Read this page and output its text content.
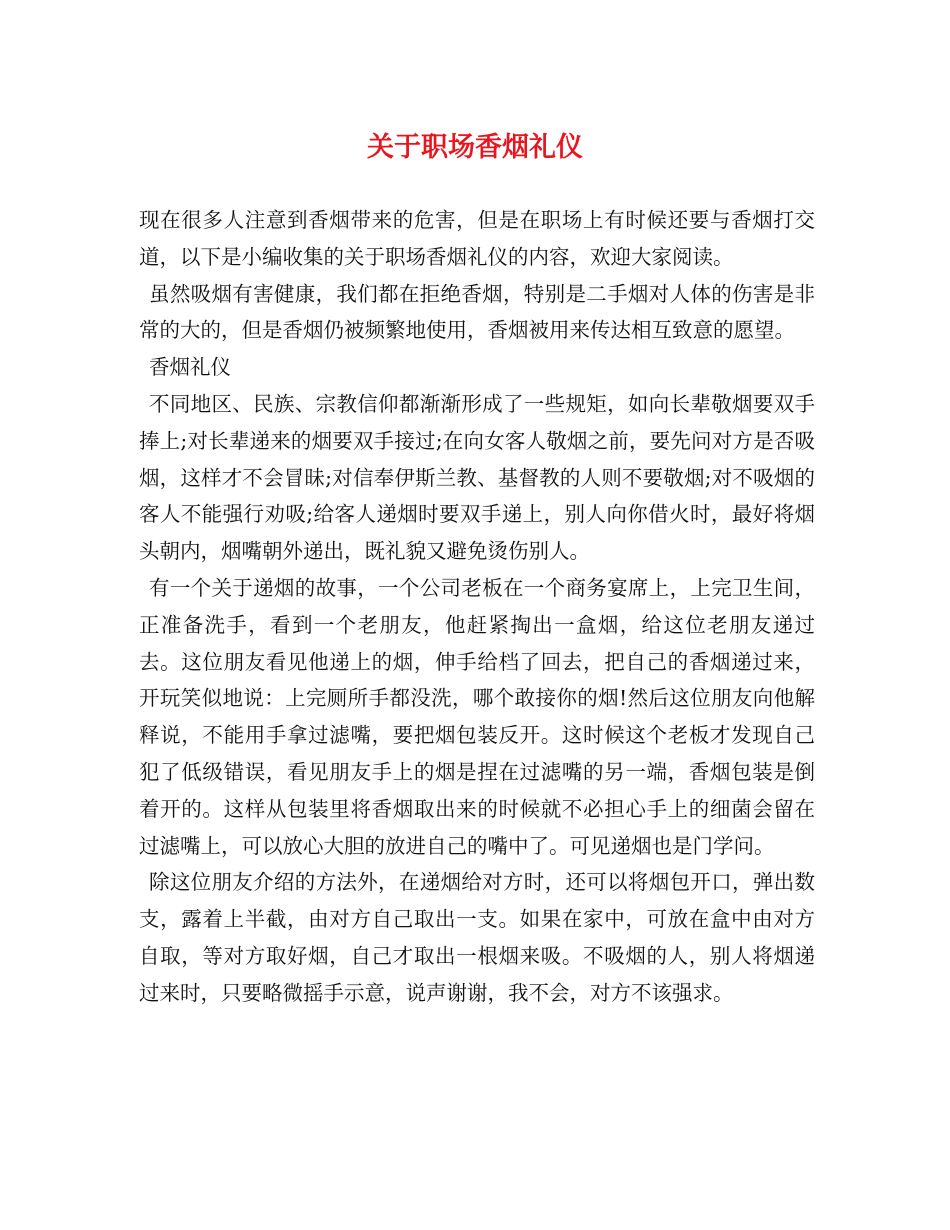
关于职场香烟礼仪

现在很多人注意到香烟带来的危害，但是在职场上有时候还要与香烟打交道，以下是小编收集的关于职场香烟礼仪的内容，欢迎大家阅读。

虽然吸烟有害健康，我们都在拒绝香烟，特别是二手烟对人体的伤害是非常的大的，但是香烟仍被频繁地使用，香烟被用来传达相互致意的愿望。

香烟礼仪

不同地区、民族、宗教信仰都渐渐形成了一些规矩，如向长辈敬烟要双手捧上;对长辈递来的烟要双手接过;在向女客人敬烟之前，要先问对方是否吸烟，这样才不会冒昧;对信奉伊斯兰教、基督教的人则不要敬烟;对不吸烟的客人不能强行劝吸;给客人递烟时要双手递上，别人向你借火时，最好将烟头朝内，烟嘴朝外递出，既礼貌又避免烫伤别人。

有一个关于递烟的故事，一个公司老板在一个商务宴席上，上完卫生间，正准备洗手，看到一个老朋友，他赶紧掏出一盒烟，给这位老朋友递过去。这位朋友看见他递上的烟，伸手给档了回去，把自己的香烟递过来，开玩笑似地说：上完厕所手都没洗，哪个敢接你的烟!然后这位朋友向他解释说，不能用手拿过滤嘴，要把烟包装反开。这时候这个老板才发现自己犯了低级错误，看见朋友手上的烟是捏在过滤嘴的另一端，香烟包装是倒着开的。这样从包装里将香烟取出来的时候就不必担心手上的细菌会留在过滤嘴上，可以放心大胆的放进自己的嘴中了。可见递烟也是门学问。

除这位朋友介绍的方法外，在递烟给对方时，还可以将烟包开口，弹出数支，露着上半截，由对方自己取出一支。如果在家中，可放在盒中由对方自取，等对方取好烟，自己才取出一根烟来吸。不吸烟的人，别人将烟递过来时，只要略微摇手示意，说声谢谢，我不会，对方不该强求。
